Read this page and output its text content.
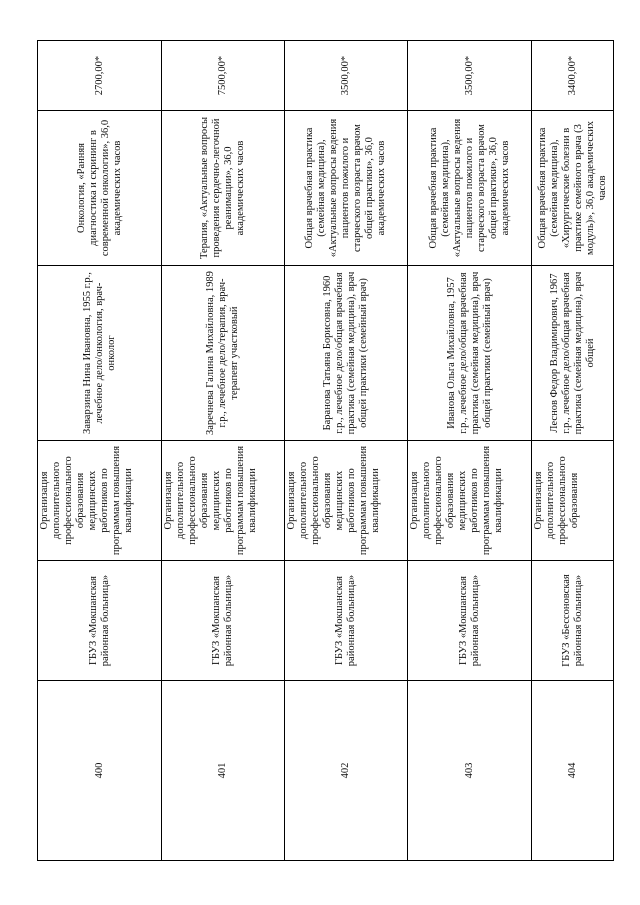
400	ГБУЗ «Мокшанская районная больница»	Организация дополнительного профессионального образования медицинских работников по программам повышения квалификации	Заварзина Нина Ивановна, 1955 г.р., лечебное дело/онкология, врач-онколог	Онкология, «Ранняя диагностика и скрининг в современной онкологии», 36,0 академических часов	2700,00*
401	ГБУЗ «Мокшанская районная больница»	Организация дополнительного профессионального образования медицинских работников по программам повышения квалификации	Заречнева Галина Михайловна, 1989 г.р., лечебное дело/терапия, врач-терапевт участковый	Терапия, «Актуальные вопросы проведения сердечно-легочной реанимации», 36,0 академических часов	7500,00*
402	ГБУЗ «Мокшанская районная больница»	Организация дополнительного профессионального образования медицинских работников по программам повышения квалификации	Баранова Татьяна Борисовна, 1960 г.р., лечебное дело/общая врачебная практика (семейная медицина), врач общей практики (семейный врач)	Общая врачебная практика (семейная медицина), «Актуальные вопросы ведения пациентов пожилого и старческого возраста врачом общей практики», 36,0 академических часов	3500,00*
403	ГБУЗ «Мокшанская районная больница»	Организация дополнительного профессионального образования медицинских работников по программам повышения квалификации	Иванова Ольга Михайловна, 1957 г.р., лечебное дело/общая врачебная практика (семейная медицина), врач общей практики (семейный врач)	Общая врачебная практика (семейная медицина), «Актуальные вопросы ведения пациентов пожилого и старческого возраста врачом общей практики», 36,0 академических часов	3500,00*
404	ГБУЗ «Бессоновская районная больница»	Организация дополнительного профессионального образования	Леснов Федор Владимирович, 1967 г.р., лечебное дело/общая врачебная практика (семейная медицина), врач общей	Общая врачебная практика (семейная медицина), «Хирургические болезни в практике семейного врача (3 модуль)», 36,0 академических часов	3400,00*
